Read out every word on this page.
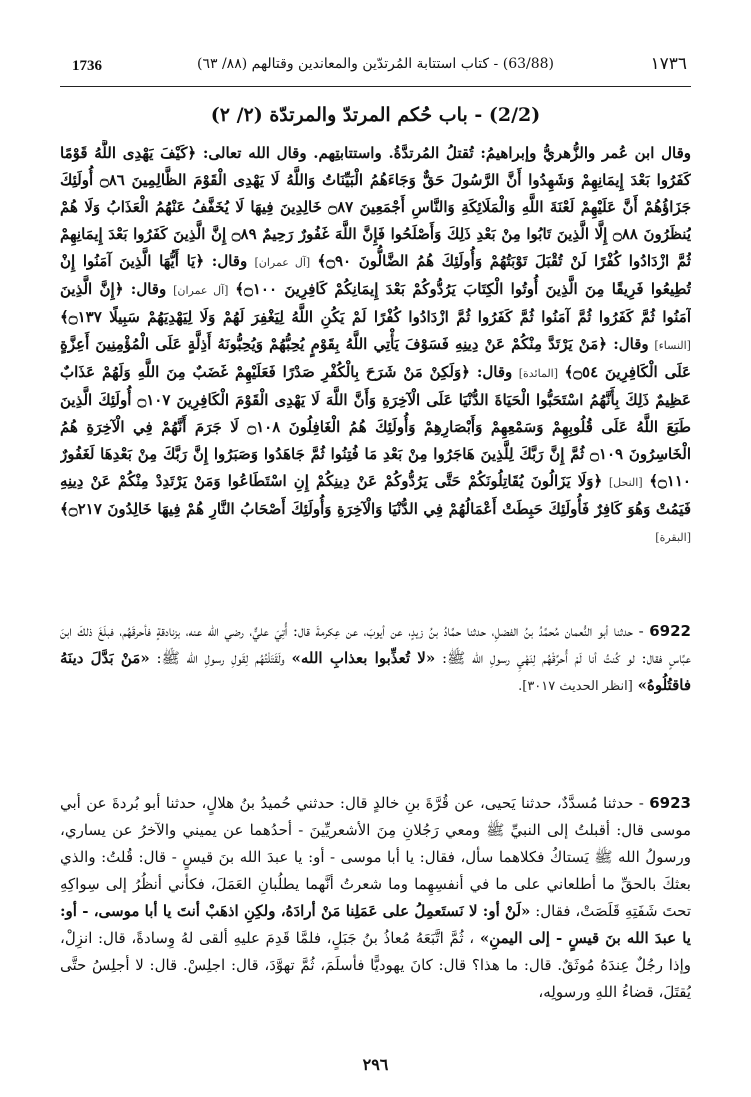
1736	(63/88) - كتاب استتابة المُرتدّين والمعاندين وقتالهم (٨٨/ ٦٣)	١٧٣٦
(2/2) - باب حُكم المرتدّ والمرتدّة (٢/ ٢)
وقال ابن عُمر والزُّهريُّ وإبراهيمُ: تُقتلُ المُرتدَّةُ. واستتابتِهم. وقال الله تعالى: ﴿كَيْفَ يَهْدِى اللَّهُ قَوْمًا كَفَرُوا بَعْدَ إِيمَانِهِمْ وَشَهِدُوا أَنَّ الرَّسُولَ حَقٌّ وَجَاءَهُمُ الْبَيِّنَاتُ وَاللَّهُ لَا يَهْدِى الْقَوْمَ الظَّالِمِينَ ۝٨٦ أُولَئِكَ جَزَاؤُهُمْ أَنَّ عَلَيْهِمْ لَعْنَةَ اللَّهِ وَالْمَلَائِكَةِ وَالنَّاسِ أَجْمَعِينَ ۝٨٧ خَالِدِينَ فِيهَا لَا يُخَفَّفُ عَنْهُمُ الْعَذَابُ وَلَا هُمْ يُنظَرُونَ ۝٨٨ إِلَّا الَّذِينَ تَابُوا مِنْ بَعْدِ ذَلِكَ وَأَصْلَحُوا فَإِنَّ اللَّهَ غَفُورٌ رَحِيمٌ ۝٨٩ إِنَّ الَّذِينَ كَفَرُوا بَعْدَ إِيمَانِهِمْ ثُمَّ ازْدَادُوا كُفْرًا لَنْ تُقْبَلَ تَوْبَتُهُمْ وَأُولَئِكَ هُمُ الضَّالُّونَ ۝٩٠﴾ [آل عمران] وقال: ﴿يَا أَيُّهَا الَّذِينَ آمَنُوا إِنْ تُطِيعُوا فَرِيقًا مِنَ الَّذِينَ أُوتُوا الْكِتَابَ يَرُدُّوكُمْ بَعْدَ إِيمَانِكُمْ كَافِرِينَ ۝١٠٠﴾ [آل عمران] وقال: ﴿إِنَّ الَّذِينَ آمَنُوا ثُمَّ كَفَرُوا ثُمَّ آمَنُوا ثُمَّ كَفَرُوا ثُمَّ ازْدَادُوا كُفْرًا لَمْ يَكُنِ اللَّهُ لِيَغْفِرَ لَهُمْ وَلَا لِيَهْدِيَهُمْ سَبِيلًا ۝١٣٧﴾ [النساء] وقال: ﴿مَنْ يَرْتَدَّ مِنْكُمْ عَنْ دِينِهِ فَسَوْفَ يَأْتِي اللَّهُ بِقَوْمٍ يُحِبُّهُمْ وَيُحِبُّونَهُ أَذِلَّةٍ عَلَى الْمُؤْمِنِينَ أَعِزَّةٍ عَلَى الْكَافِرِينَ ۝٥٤﴾ [المائدة] وقال: ﴿وَلَكِنْ مَنْ شَرَحَ بِالْكُفْرِ صَدْرًا فَعَلَيْهِمْ غَضَبٌ مِنَ اللَّهِ وَلَهُمْ عَذَابٌ عَظِيمٌ ذَلِكَ بِأَنَّهُمُ اسْتَحَبُّوا الْحَيَاةَ الدُّنْيَا عَلَى الْآخِرَةِ وَأَنَّ اللَّهَ لَا يَهْدِى الْقَوْمَ الْكَافِرِينَ ۝١٠٧ أُولَئِكَ الَّذِينَ طَبَعَ اللَّهُ عَلَى قُلُوبِهِمْ وَسَمْعِهِمْ وَأَبْصَارِهِمْ وَأُولَئِكَ هُمُ الْغَافِلُونَ ۝١٠٨ لَا جَرَمَ أَنَّهُمْ فِي الْآخِرَةِ هُمُ الْخَاسِرُونَ ۝١٠٩ ثُمَّ إِنَّ رَبَّكَ لِلَّذِينَ هَاجَرُوا مِنْ بَعْدِ مَا فُتِنُوا ثُمَّ جَاهَدُوا وَصَبَرُوا إِنَّ رَبَّكَ مِنْ بَعْدِهَا لَغَفُورٌ ۝١١٠﴾ [النحل] ﴿وَلَا يَزَالُونَ يُقَاتِلُونَكُمْ حَتَّى يَرُدُّوكُمْ عَنْ دِينِكُمْ إِنِ اسْتَطَاعُوا وَمَنْ يَرْتَدِدْ مِنْكُمْ عَنْ دِينِهِ فَيَمُتْ وَهُوَ كَافِرٌ فَأُولَئِكَ حَبِطَتْ أَعْمَالُهُمْ فِي الدُّنْيَا وَالْآخِرَةِ وَأُولَئِكَ أَصْحَابُ النَّارِ هُمْ فِيهَا خَالِدُونَ ۝٢١٧﴾ [البقرة]
6922 - حدثنا أبو النُّعمان مُحمَّدُ بنُ الفضلِ، حدثنا حمَّادُ بنُ زيدٍ، عن أيوبَ، عن عِكرمةَ قال: أُتِيَ عليٌّ، رضي الله عنه، بزنادقةٍ فأحرقَهُم، فبلَغَ ذلكَ ابنَ عبَّاسٍ فقال: لو كُنتُ أنا لَمْ أُحرِّقْهُم لِنَهْيِ رسولِ الله ﷺ: «لا تُعذِّبوا بعذابِ الله» ولَقَتَلْتُهُم لِقَولِ رسولِ الله ﷺ: «مَنْ بَدَّلَ دينَهُ فاقتُلُوهُ» [انظر الحديث ٣٠١٧].
6923 - حدثنا مُسدَّدٌ، حدثنا يَحيى، عن قُرَّةَ بنِ خالدٍ قال: حدثني حُميدُ بنُ هلالٍ، حدثنا أبو بُردةَ عن أبي موسى قال: أقبلتُ إلى النبيِّ ﷺ ومعي رَجُلانِ مِنَ الأشعريِّينَ - أحدُهما عن يميني والآخرُ عن يساري، ورسولُ الله ﷺ يَستاكُ فكلاهما سأل، فقال: يا أبا موسى - أو: يا عبدَ الله بنَ قيسٍ - قال: قُلتُ: والذي بعثكَ بالحقِّ ما أطلعاني على ما في أنفسِهِما وما شعرتُ أنَّهما يطلُبانِ العَمَلَ، فكأني أنظُرُ إلى سِواكِهِ تحتَ شَفَتِهِ قَلَصَتْ، فقال: «لَنْ أو: لا نَستَعمِلُ على عَمَلِنا مَنْ أرادَهُ، ولكِنِ اذهَبْ أنتَ يا أبا موسى، - أو: يا عبدَ الله بنَ قيسٍ - إلى اليمنِ» ، ثُمَّ اتَّبَعَهُ مُعاذُ بنُ جَبَلٍ، فلمَّا قَدِمَ عليهِ ألقى لهُ وِسادةً، قال: انزِلْ، وإذا رجُلٌ عِندَهُ مُوثَقٌ. قال: ما هذا؟ قال: كانَ يهوديًّا فأسلَمَ، ثُمَّ تهوَّدَ، قال: اجلِسْ. قال: لا أجلِسُ حتَّى يُقتَلَ، قضاءُ اللهِ ورسولِه،
٢٩٦
